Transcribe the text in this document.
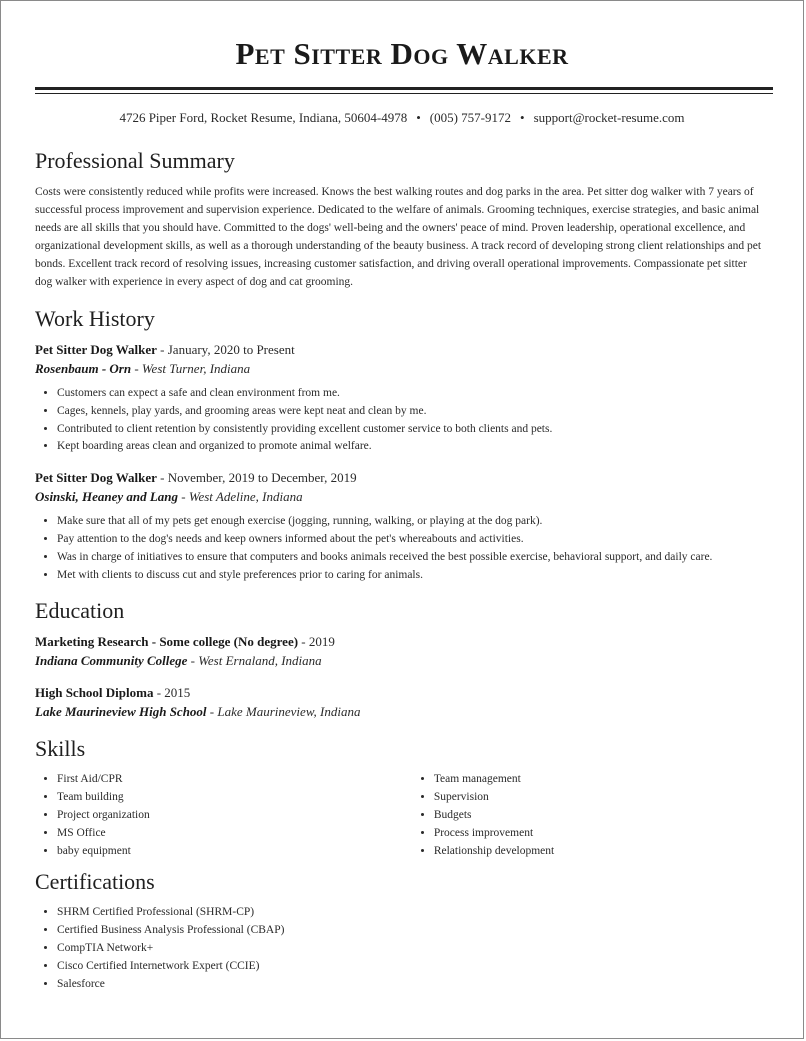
Pet Sitter Dog Walker
4726 Piper Ford, Rocket Resume, Indiana, 50604-4978 • (005) 757-9172 • support@rocket-resume.com
Professional Summary

Costs were consistently reduced while profits were increased. Knows the best walking routes and dog parks in the area. Pet sitter dog walker with 7 years of successful process improvement and supervision experience. Dedicated to the welfare of animals. Grooming techniques, exercise strategies, and basic animal needs are all skills that you should have. Committed to the dogs' well-being and the owners' peace of mind. Proven leadership, operational excellence, and organizational development skills, as well as a thorough understanding of the beauty business. A track record of developing strong client relationships and pet bonds. Excellent track record of resolving issues, increasing customer satisfaction, and driving overall operational improvements. Compassionate pet sitter dog walker with experience in every aspect of dog and cat grooming.

Work History
Pet Sitter Dog Walker - January, 2020 to Present
Rosenbaum - Orn - West Turner, Indiana
• Customers can expect a safe and clean environment from me.
• Cages, kennels, play yards, and grooming areas were kept neat and clean by me.
• Contributed to client retention by consistently providing excellent customer service to both clients and pets.
• Kept boarding areas clean and organized to promote animal welfare.
Pet Sitter Dog Walker - November, 2019 to December, 2019
Osinski, Heaney and Lang - West Adeline, Indiana
• Make sure that all of my pets get enough exercise (jogging, running, walking, or playing at the dog park).
• Pay attention to the dog's needs and keep owners informed about the pet's whereabouts and activities.
• Was in charge of initiatives to ensure that computers and books animals received the best possible exercise, behavioral support, and daily care.
• Met with clients to discuss cut and style preferences prior to caring for animals.
Education
Marketing Research - Some college (No degree) - 2019
Indiana Community College - West Ernaland, Indiana
High School Diploma - 2015
Lake Maurineview High School - Lake Maurineview, Indiana
Skills
• First Aid/CPR
• Team building
• Project organization
• MS Office
• baby equipment
• Team management
• Supervision
• Budgets
• Process improvement
• Relationship development
Certifications
• SHRM Certified Professional (SHRM-CP)
• Certified Business Analysis Professional (CBAP)
• CompTIA Network+
• Cisco Certified Internetwork Expert (CCIE)
• Salesforce
